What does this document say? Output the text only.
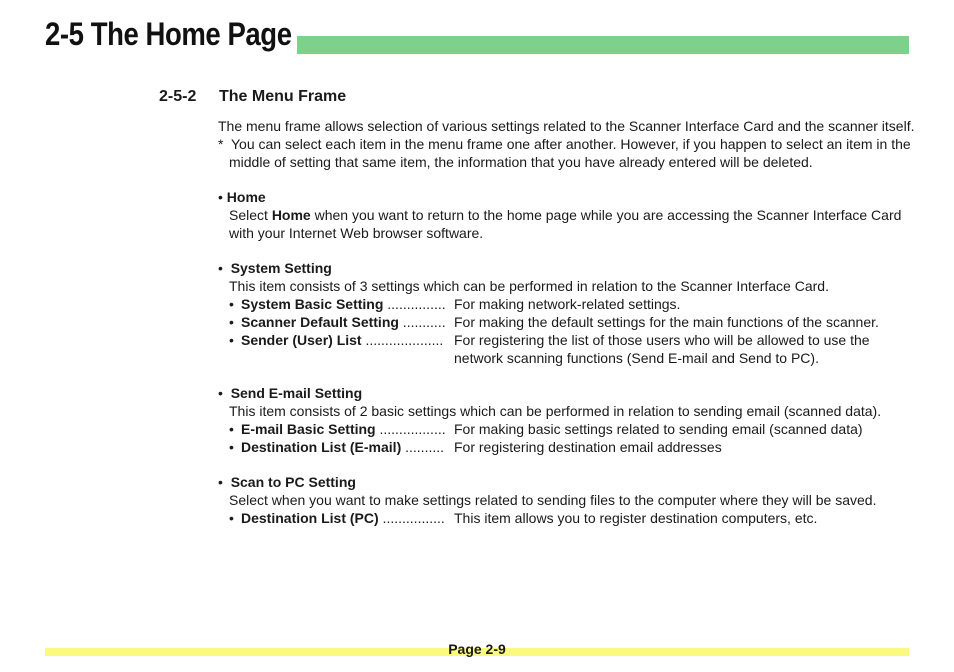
2-5 The Home Page
2-5-2 The Menu Frame

The menu frame allows selection of various settings related to the Scanner Interface Card and the scanner itself.

* You can select each item in the menu frame one after another. However, if you happen to select an item in the middle of setting that same item, the information that you have already entered will be deleted.

• Home

Select Home when you want to return to the home page while you are accessing the Scanner Interface Card with your Internet Web browser software.

• System Setting

This item consists of 3 settings which can be performed in relation to the Scanner Interface Card.

• System Basic Setting ............... For making network-related settings.
• Scanner Default Setting ........... For making the default settings for the main functions of the scanner.
• Sender (User) List .................... For registering the list of those users who will be allowed to use the network scanning functions (Send E-mail and Send to PC).

• Send E-mail Setting

This item consists of 2 basic settings which can be performed in relation to sending email (scanned data).

• E-mail Basic Setting ................. For making basic settings related to sending email (scanned data)
• Destination List (E-mail) .......... For registering destination email addresses

• Scan to PC Setting

Select when you want to make settings related to sending files to the computer where they will be saved.

• Destination List (PC) ................ This item allows you to register destination computers, etc.
Page 2-9
